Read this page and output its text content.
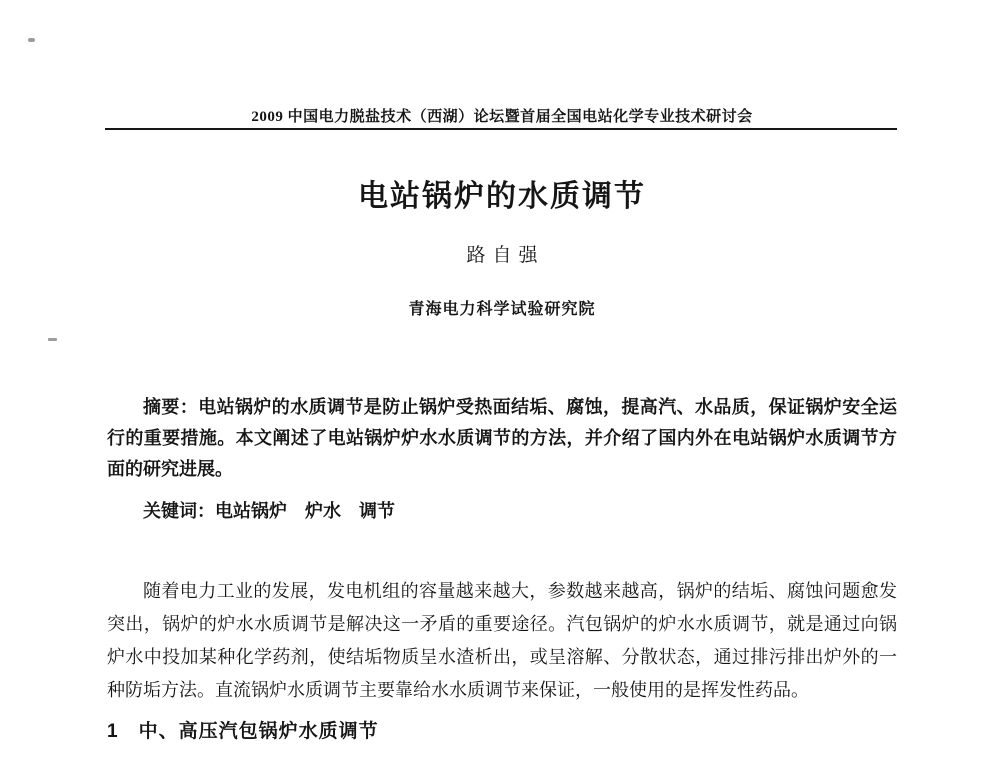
2009 中国电力脱盐技术（西湖）论坛暨首届全国电站化学专业技术研讨会
电站锅炉的水质调节
路自强
青海电力科学试验研究院

摘要：电站锅炉的水质调节是防止锅炉受热面结垢、腐蚀，提高汽、水品质，保证锅炉安全运行的重要措施。本文阐述了电站锅炉炉水水质调节的方法，并介绍了国内外在电站锅炉水质调节方面的研究进展。

关键词：电站锅炉　炉水　调节

随着电力工业的发展，发电机组的容量越来越大，参数越来越高，锅炉的结垢、腐蚀问题愈发突出，锅炉的炉水水质调节是解决这一矛盾的重要途径。汽包锅炉的炉水水质调节，就是通过向锅炉水中投加某种化学药剂，使结垢物质呈水渣析出，或呈溶解、分散状态，通过排污排出炉外的一种防垢方法。直流锅炉水质调节主要靠给水水质调节来保证，一般使用的是挥发性药品。

1 中、高压汽包锅炉水质调节
